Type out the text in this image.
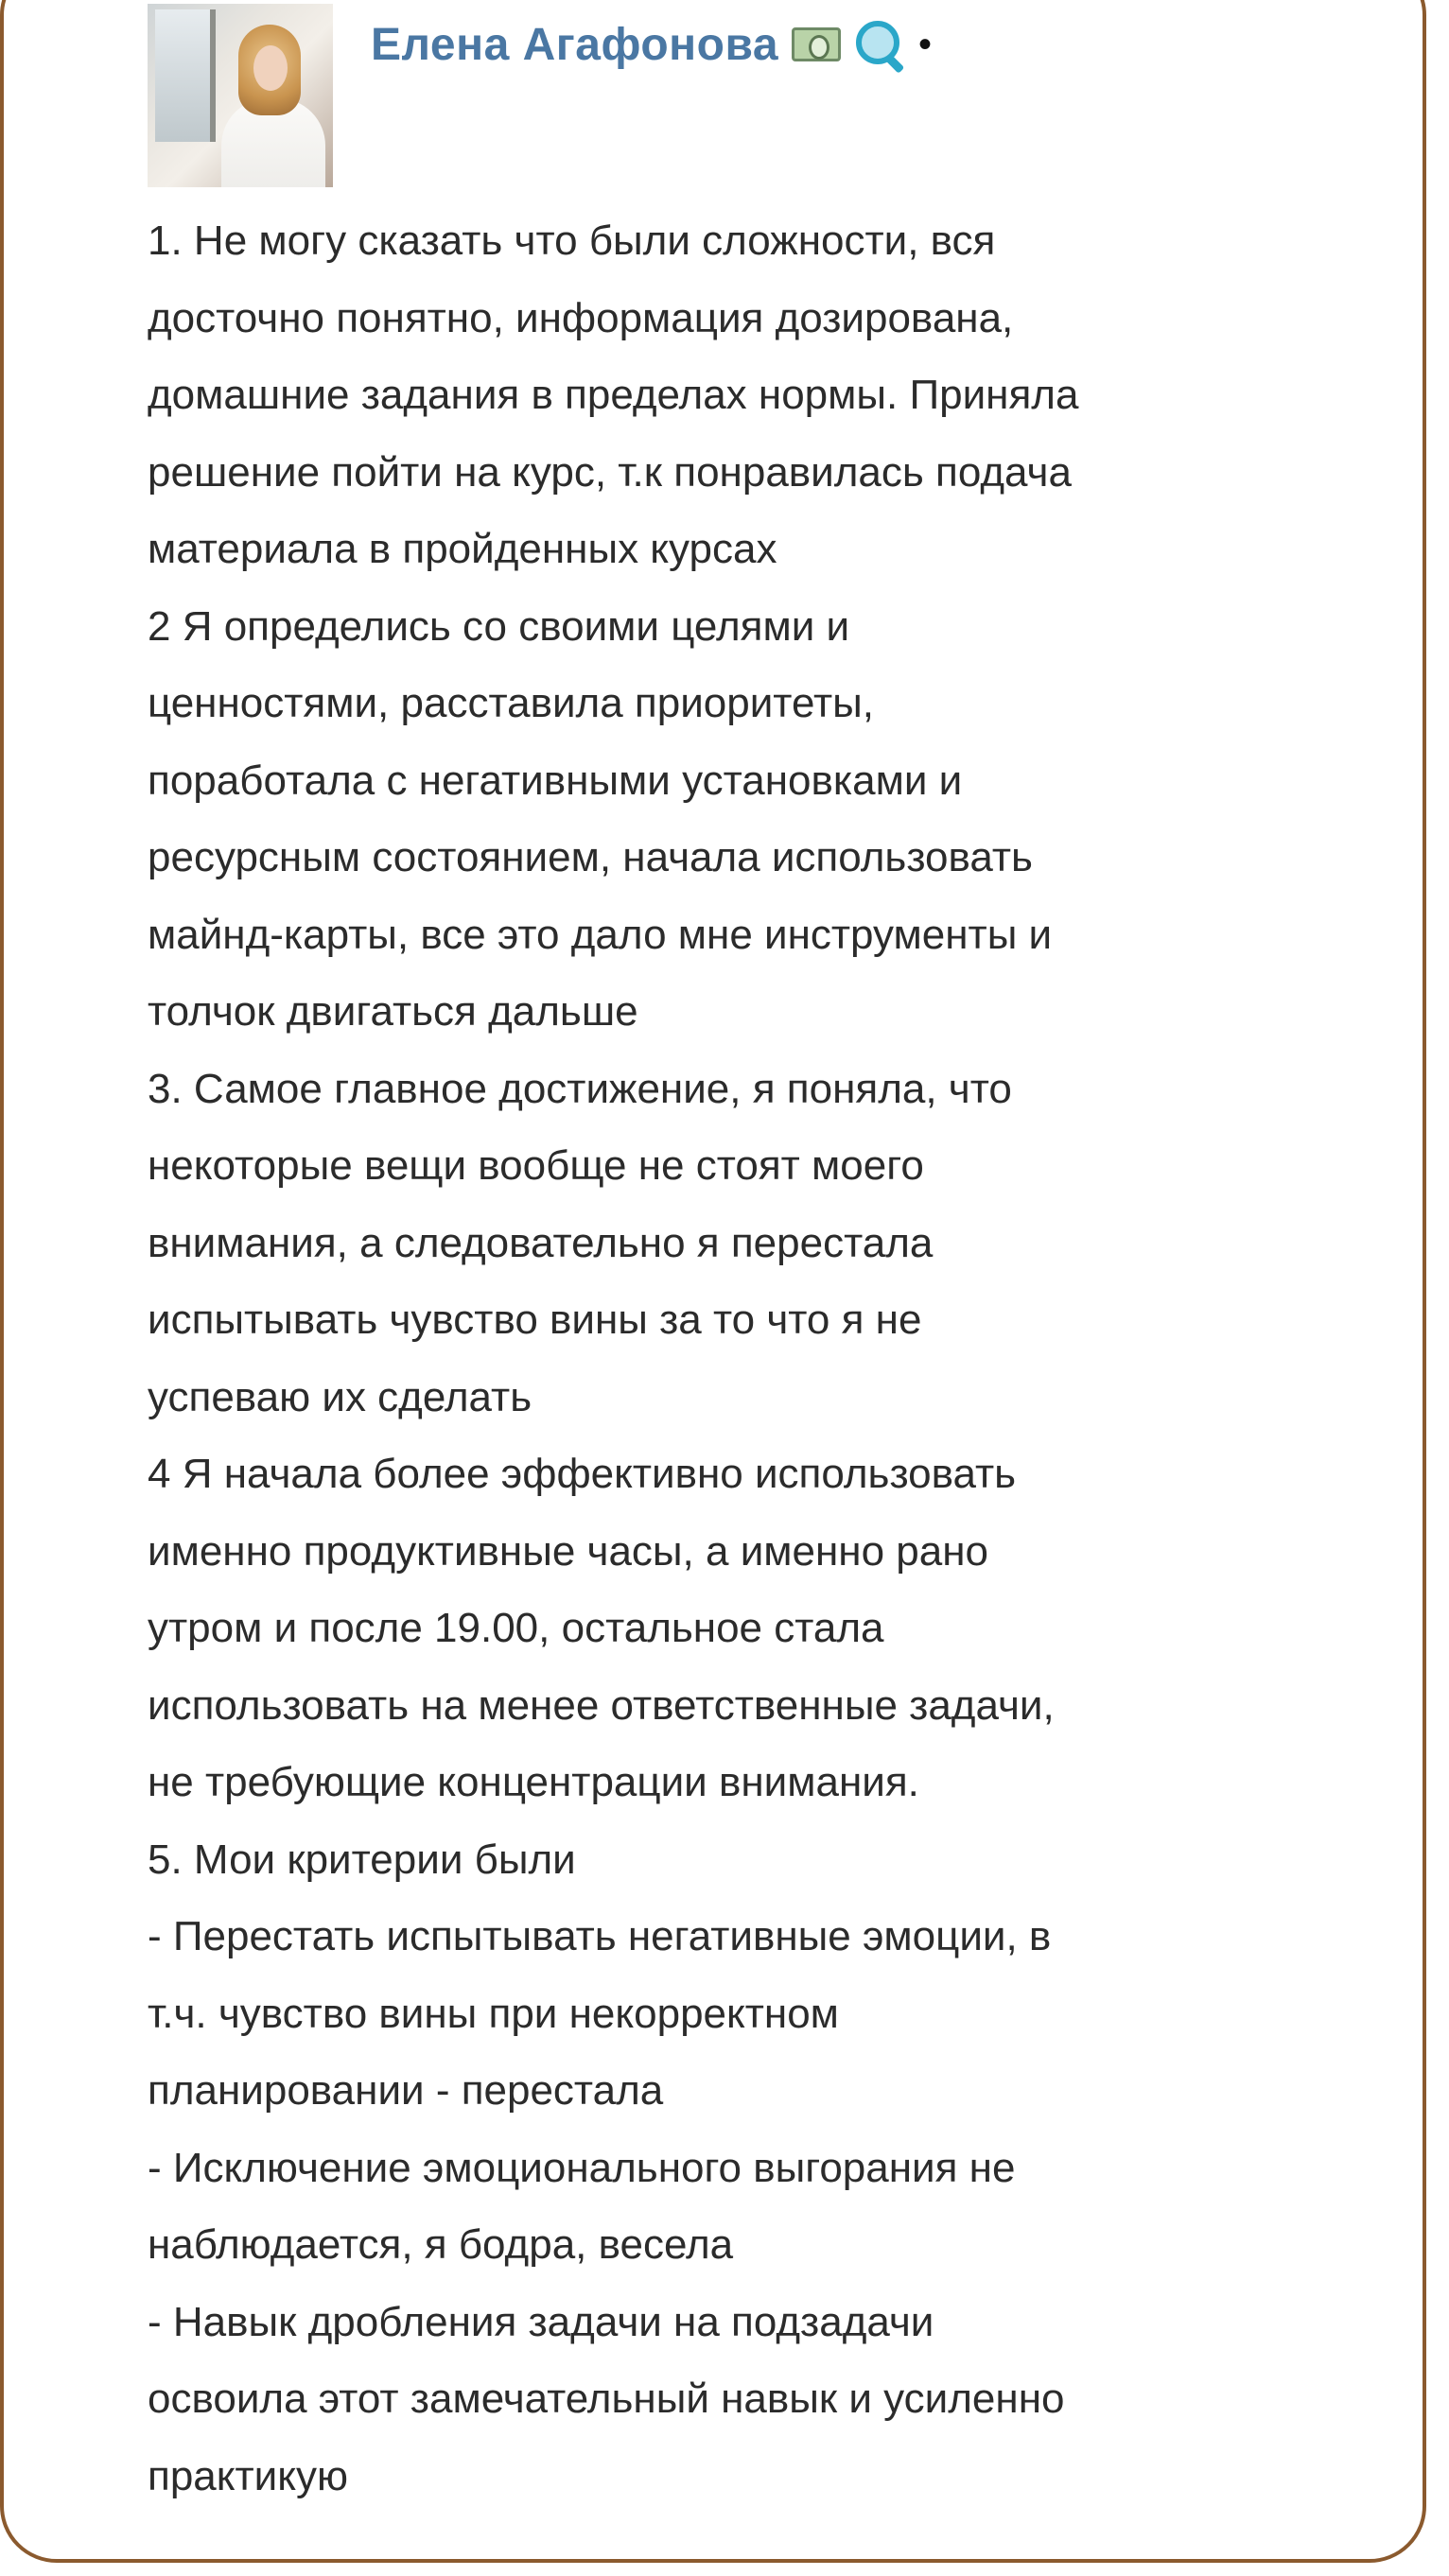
Елена Агафонова	•

1. Не могу сказать что были сложности, вся
досточно понятно, информация дозирована,
домашние задания в пределах нормы. Приняла
решение пойти на курс, т.к понравилась подача
материала в пройденных курсах
2 Я определись со своими целями и
ценностями, расставила приоритеты,
поработала с негативными установками и
ресурсным состоянием, начала использовать
майнд-карты, все это дало мне инструменты и
толчок двигаться дальше
3. Самое главное достижение, я поняла, что
некоторые вещи вообще не стоят моего
внимания, а следовательно я перестала
испытывать чувство вины за то что я не
успеваю их сделать
4 Я начала более эффективно использовать
именно продуктивные часы, а именно рано
утром и после 19.00, остальное стала
использовать на менее ответственные задачи,
не требующие концентрации внимания.
5. Мои критерии были
- Перестать испытывать негативные эмоции, в
т.ч. чувство вины при некорректном
планировании - перестала
- Исключение эмоционального выгорания не
наблюдается, я бодра, весела
- Навык дробления задачи на подзадачи
освоила этот замечательный навык и усиленно
практикую
